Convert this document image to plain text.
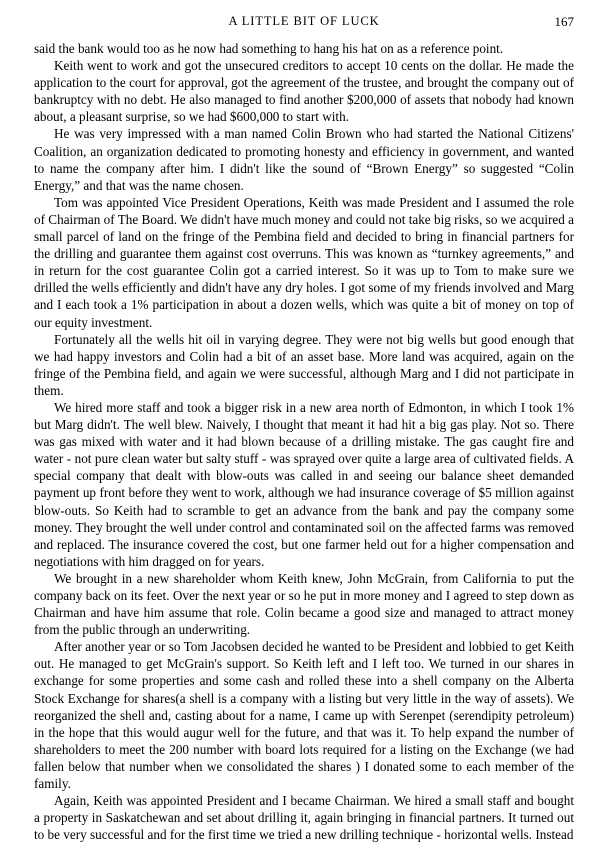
A LITTLE BIT OF LUCK	167

said the bank would too as he now had something to hang his hat on as a reference point.

Keith went to work and got the unsecured creditors to accept 10 cents on the dollar. He made the application to the court for approval, got the agreement of the trustee, and brought the company out of bankruptcy with no debt. He also managed to find another $200,000 of assets that nobody had known about, a pleasant surprise, so we had $600,000 to start with.

He was very impressed with a man named Colin Brown who had started the National Citizens' Coalition, an organization dedicated to promoting honesty and efficiency in government, and wanted to name the company after him. I didn't like the sound of “Brown Energy” so suggested “Colin Energy,” and that was the name chosen.

Tom was appointed Vice President Operations, Keith was made President and I assumed the role of Chairman of The Board. We didn't have much money and could not take big risks, so we acquired a small parcel of land on the fringe of the Pembina field and decided to bring in financial partners for the drilling and guarantee them against cost overruns. This was known as “turnkey agreements,” and in return for the cost guarantee Colin got a carried interest. So it was up to Tom to make sure we drilled the wells efficiently and didn't have any dry holes. I got some of my friends involved and Marg and I each took a 1% participation in about a dozen wells, which was quite a bit of money on top of our equity investment.

Fortunately all the wells hit oil in varying degree. They were not big wells but good enough that we had happy investors and Colin had a bit of an asset base. More land was acquired, again on the fringe of the Pembina field, and again we were successful, although Marg and I did not participate in them.

We hired more staff and took a bigger risk in a new area north of Edmonton, in which I took 1% but Marg didn't. The well blew. Naively, I thought that meant it had hit a big gas play. Not so. There was gas mixed with water and it had blown because of a drilling mistake. The gas caught fire and water - not pure clean water but salty stuff - was sprayed over quite a large area of cultivated fields. A special company that dealt with blow-outs was called in and seeing our balance sheet demanded payment up front before they went to work, although we had insurance coverage of $5 million against blow-outs. So Keith had to scramble to get an advance from the bank and pay the company some money. They brought the well under control and contaminated soil on the affected farms was removed and replaced. The insurance covered the cost, but one farmer held out for a higher compensation and negotiations with him dragged on for years.

We brought in a new shareholder whom Keith knew, John McGrain, from California to put the company back on its feet. Over the next year or so he put in more money and I agreed to step down as Chairman and have him assume that role. Colin became a good size and managed to attract money from the public through an underwriting.

After another year or so Tom Jacobsen decided he wanted to be President and lobbied to get Keith out. He managed to get McGrain's support. So Keith left and I left too. We turned in our shares in exchange for some properties and some cash and rolled these into a shell company on the Alberta Stock Exchange for shares(a shell is a company with a listing but very little in the way of assets). We reorganized the shell and, casting about for a name, I came up with Serenpet (serendipity petroleum) in the hope that this would augur well for the future, and that was it. To help expand the number of shareholders to meet the 200 number with board lots required for a listing on the Exchange (we had fallen below that number when we consolidated the shares ) I donated some to each member of the family.

Again, Keith was appointed President and I became Chairman. We hired a small staff and bought a property in Saskatchewan and set about drilling it, again bringing in financial partners. It turned out to be very successful and for the first time we tried a new drilling technique - horizontal wells. Instead
